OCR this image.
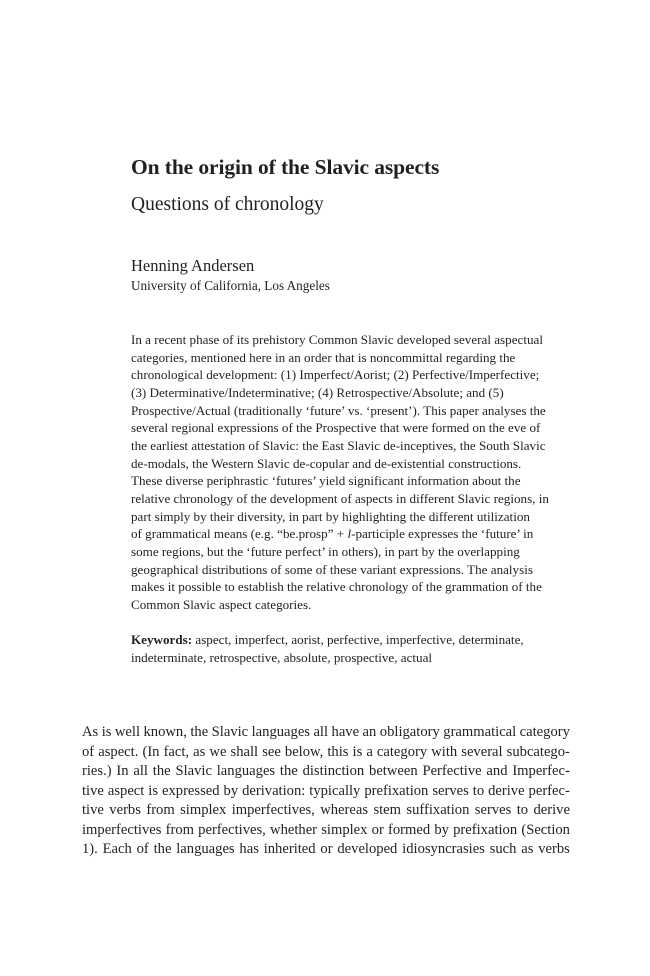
On the origin of the Slavic aspects
Questions of chronology
Henning Andersen
University of California, Los Angeles
In a recent phase of its prehistory Common Slavic developed several aspectual
categories, mentioned here in an order that is noncommittal regarding the
chronological development: (1) Imperfect/Aorist; (2) Perfective/Imperfective;
(3) Determinative/Indeterminative; (4) Retrospective/Absolute; and (5)
Prospective/Actual (traditionally ‘future’ vs. ‘present’). This paper analyses the
several regional expressions of the Prospective that were formed on the eve of
the earliest attestation of Slavic: the East Slavic de-inceptives, the South Slavic
de-modals, the Western Slavic de-copular and de-existential constructions.
These diverse periphrastic ‘futures’ yield significant information about the
relative chronology of the development of aspects in different Slavic regions, in
part simply by their diversity, in part by highlighting the different utilization
of grammatical means (e.g. “be.prosp” + l-participle expresses the ‘future’ in
some regions, but the ‘future perfect’ in others), in part by the overlapping
geographical distributions of some of these variant expressions. The analysis
makes it possible to establish the relative chronology of the grammation of the
Common Slavic aspect categories.
Keywords: aspect, imperfect, aorist, perfective, imperfective, determinate,
indeterminate, retrospective, absolute, prospective, actual
As is well known, the Slavic languages all have an obligatory grammatical category
of aspect. (In fact, as we shall see below, this is a category with several subcatego-
ries.) In all the Slavic languages the distinction between Perfective and Imperfec-
tive aspect is expressed by derivation: typically prefixation serves to derive perfec-
tive verbs from simplex imperfectives, whereas stem suffixation serves to derive
imperfectives from perfectives, whether simplex or formed by prefixation (Section
1). Each of the languages has inherited or developed idiosyncrasies such as verbs
